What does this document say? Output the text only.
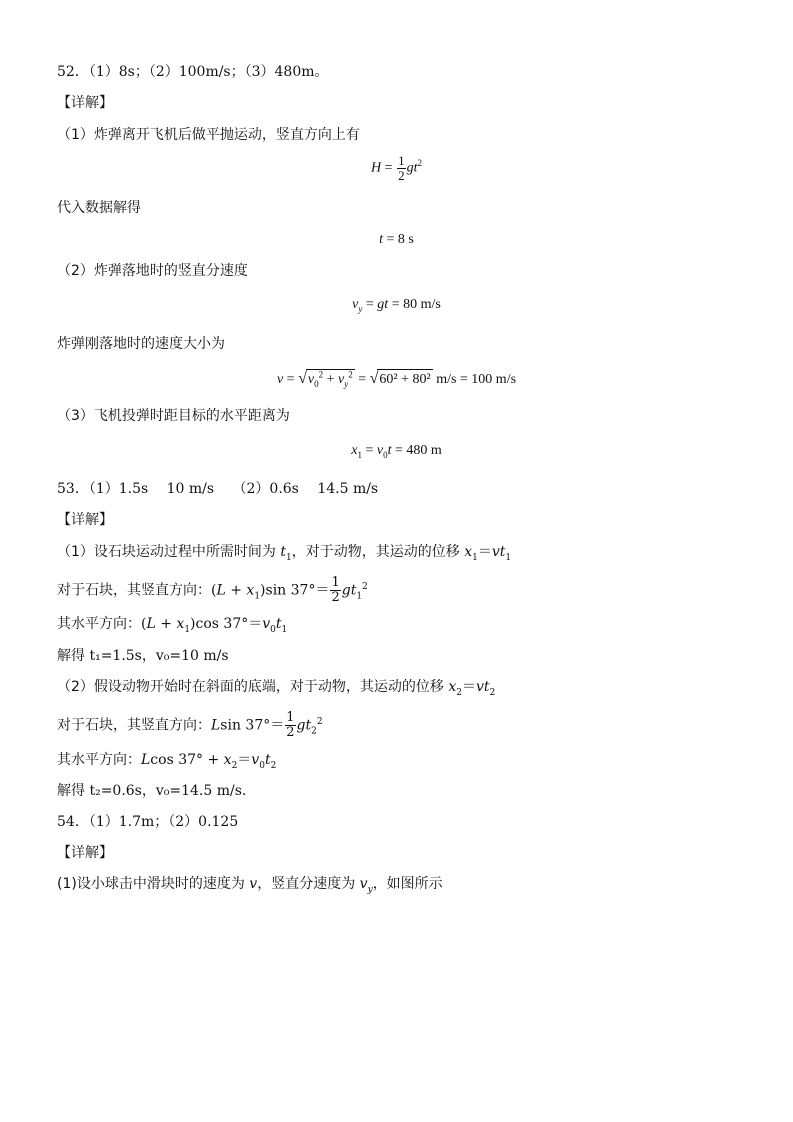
52．（1）8s；（2）100m/s；（3）480m。
【详解】
（1）炸弹离开飞机后做平抛运动，竖直方向上有
$H = \frac{1}{2} gt^2$
代入数据解得
t = 8 s
（2）炸弹落地时的竖直分速度
$v_y$ = gt = 80 m/s
炸弹刚落地时的速度大小为
$v = √v_0^2 + v_y^2 = √60^2 + 80^2$ m/s = 100 m/s
（3）飞机投弹时距目标的水平距离为
$x_1 = v_0t = 480$ m
53．（1）1.5s　 10 m/s　 （2）0.6s　 14.5 m/s
【详解】
（1）设石块运动过程中所需时间为 $t_1$，对于动物，其运动的位移 $x_1=vt_1$
对于石块，其竖直方向：$(L + x_1)\sin$ $37^\circ= \frac{1}{2} gt_1^2$
其水平方向：$(L + x_1)\cos$ $37^\circ=v_0t_1$
解得 t₁=1.5s，v₀=10 m/s
（2）假设动物开始时在斜面的底端，对于动物，其运动的位移 $x_2=vt_2$
对于石块，其竖直方向：Lsin $37^\circ= \frac{1}{2} gt_2^2$
其水平方向：Lcos $37^\circ + x_2=v_0t_2$
解得 t₂=0.6s，v₀=14.5 m/s.
54．（1）1.7m；（2）0.125
【详解】
(1)设小球击中滑块时的速度为 v，竖直分速度为 $v_y$，如图所示
